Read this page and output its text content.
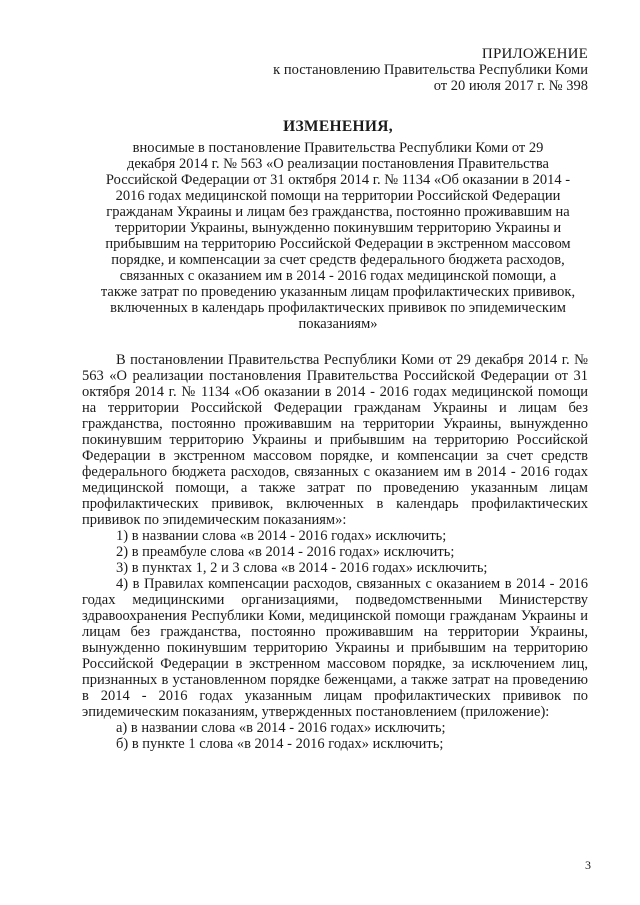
ПРИЛОЖЕНИЕ
к постановлению Правительства Республики Коми
от 20 июля 2017 г. № 398
ИЗМЕНЕНИЯ,
вносимые в постановление Правительства Республики Коми от 29
декабря 2014 г. № 563 «О реализации постановления Правительства
Российской Федерации от 31 октября 2014 г. № 1134 «Об оказании в 2014 -
2016 годах медицинской помощи на территории Российской Федерации
гражданам Украины и лицам без гражданства, постоянно проживавшим на
территории Украины, вынужденно покинувшим территорию Украины и
прибывшим на территорию Российской Федерации в экстренном массовом
порядке, и компенсации за счет средств федерального бюджета расходов,
связанных с оказанием им в 2014 - 2016 годах медицинской помощи, а
также затрат по проведению указанным лицам профилактических прививок,
включенных в календарь профилактических прививок по эпидемическим
показаниям»

В постановлении Правительства Республики Коми от 29 декабря 2014 г. № 563 «О реализации постановления Правительства Российской Федерации от 31 октября 2014 г. № 1134 «Об оказании в 2014 - 2016 годах медицинской помощи на территории Российской Федерации гражданам Украины и лицам без гражданства, постоянно проживавшим на территории Украины, вынужденно покинувшим территорию Украины и прибывшим на территорию Российской Федерации в экстренном массовом порядке, и компенсации за счет средств федерального бюджета расходов, связанных с оказанием им в 2014 - 2016 годах медицинской помощи, а также затрат по проведению указанным лицам профилактических прививок, включенных в календарь профилактических прививок по эпидемическим показаниям»:

1) в названии слова «в 2014 - 2016 годах» исключить;

2) в преамбуле слова «в 2014 - 2016 годах» исключить;

3) в пунктах 1, 2 и 3 слова «в 2014 - 2016 годах» исключить;

4) в Правилах компенсации расходов, связанных с оказанием в 2014 - 2016 годах медицинскими организациями, подведомственными Министерству здравоохранения Республики Коми, медицинской помощи гражданам Украины и лицам без гражданства, постоянно проживавшим на территории Украины, вынужденно покинувшим территорию Украины и прибывшим на территорию Российской Федерации в экстренном массовом порядке, за исключением лиц, признанных в установленном порядке беженцами, а также затрат на проведению в 2014 - 2016 годах указанным лицам профилактических прививок по эпидемическим показаниям, утвержденных постановлением (приложение):

а) в названии слова «в 2014 - 2016 годах» исключить;

б) в пункте 1 слова «в 2014 - 2016 годах» исключить;

3
